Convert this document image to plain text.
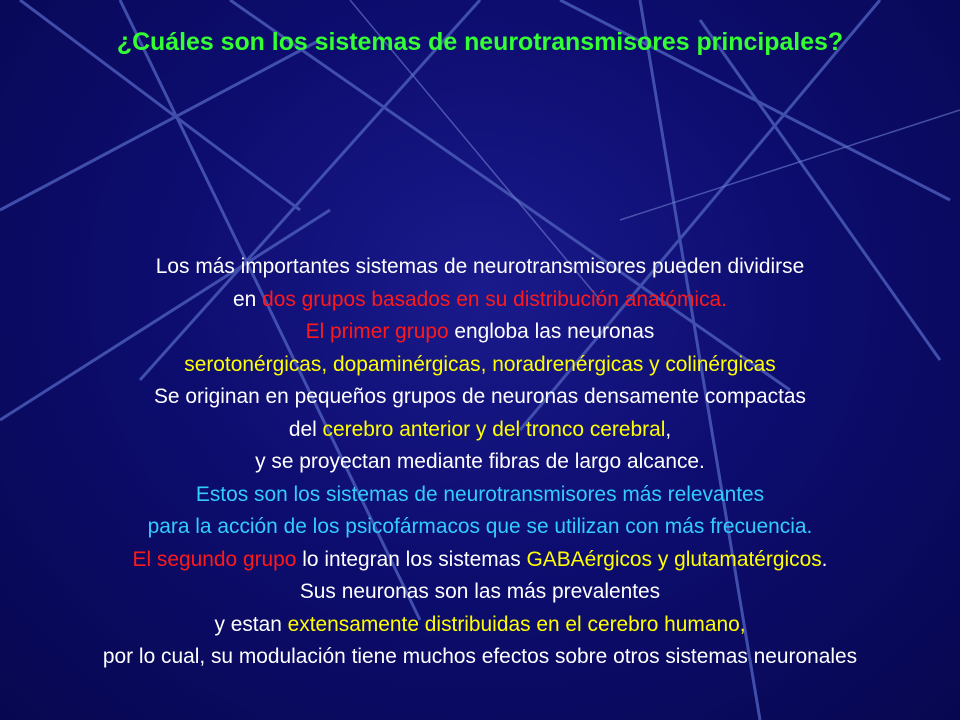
¿Cuáles son los sistemas de neurotransmisores principales?
Los más importantes sistemas de neurotransmisores pueden dividirse
en dos grupos basados en su distribución anatómica.
El primer grupo engloba las neuronas
serotonérgicas, dopaminérgicas, noradrenérgicas y colinérgicas
Se originan en pequeños grupos de neuronas densamente compactas
del cerebro anterior y del tronco cerebral,
y se proyectan mediante fibras de largo alcance.
Estos son los sistemas de neurotransmisores más relevantes
para la acción de los psicofármacos que se utilizan con más frecuencia.
El segundo grupo lo integran los sistemas GABAérgicos y glutamatérgicos.
Sus neuronas son las más prevalentes
y estan extensamente distribuidas en el cerebro humano,
por lo cual, su modulación tiene muchos efectos sobre otros sistemas neuronales
